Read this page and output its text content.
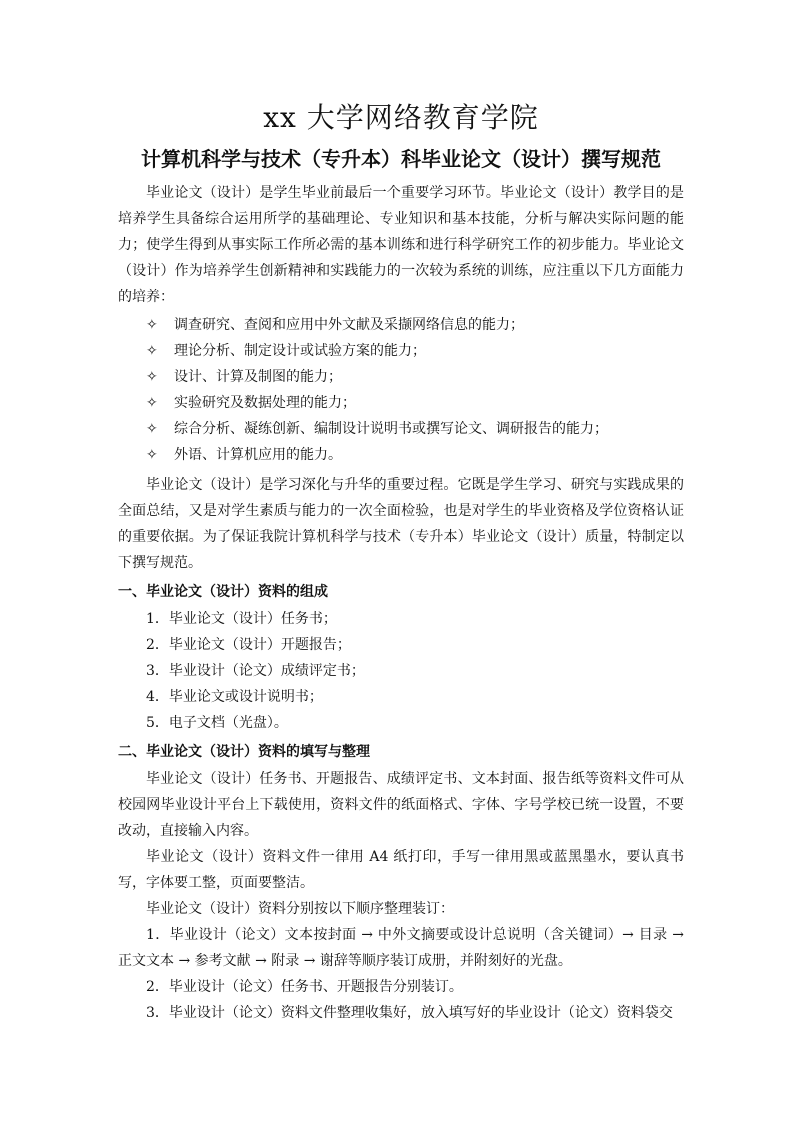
xx 大学网络教育学院
计算机科学与技术（专升本）科毕业论文（设计）撰写规范

毕业论文（设计）是学生毕业前最后一个重要学习环节。毕业论文（设计）教学目的是培养学生具备综合运用所学的基础理论、专业知识和基本技能，分析与解决实际问题的能力；使学生得到从事实际工作所必需的基本训练和进行科学研究工作的初步能力。毕业论文（设计）作为培养学生创新精神和实践能力的一次较为系统的训练，应注重以下几方面能力的培养：

✧	调查研究、查阅和应用中外文献及采撷网络信息的能力；
✧	理论分析、制定设计或试验方案的能力；
✧	设计、计算及制图的能力；
✧	实验研究及数据处理的能力；
✧	综合分析、凝练创新、编制设计说明书或撰写论文、调研报告的能力；
✧	外语、计算机应用的能力。

毕业论文（设计）是学习深化与升华的重要过程。它既是学生学习、研究与实践成果的全面总结，又是对学生素质与能力的一次全面检验，也是对学生的毕业资格及学位资格认证的重要依据。为了保证我院计算机科学与技术（专升本）毕业论文（设计）质量，特制定以下撰写规范。

一、毕业论文（设计）资料的组成
1．毕业论文（设计）任务书；
2．毕业论文（设计）开题报告；
3．毕业设计（论文）成绩评定书；
4．毕业论文或设计说明书；
5．电子文档（光盘）。
二、毕业论文（设计）资料的填写与整理

毕业论文（设计）任务书、开题报告、成绩评定书、文本封面、报告纸等资料文件可从校园网毕业设计平台上下载使用，资料文件的纸面格式、字体、字号学校已统一设置，不要改动，直接输入内容。

毕业论文（设计）资料文件一律用 A4 纸打印，手写一律用黑或蓝黑墨水，要认真书写，字体要工整，页面要整洁。

毕业论文（设计）资料分别按以下顺序整理装订：

1．毕业设计（论文）文本按封面 → 中外文摘要或设计总说明（含关键词）→ 目录 → 正文文本 → 参考文献 → 附录 → 谢辞等顺序装订成册，并附刻好的光盘。

2．毕业设计（论文）任务书、开题报告分别装订。

3．毕业设计（论文）资料文件整理收集好，放入填写好的毕业设计（论文）资料袋交
